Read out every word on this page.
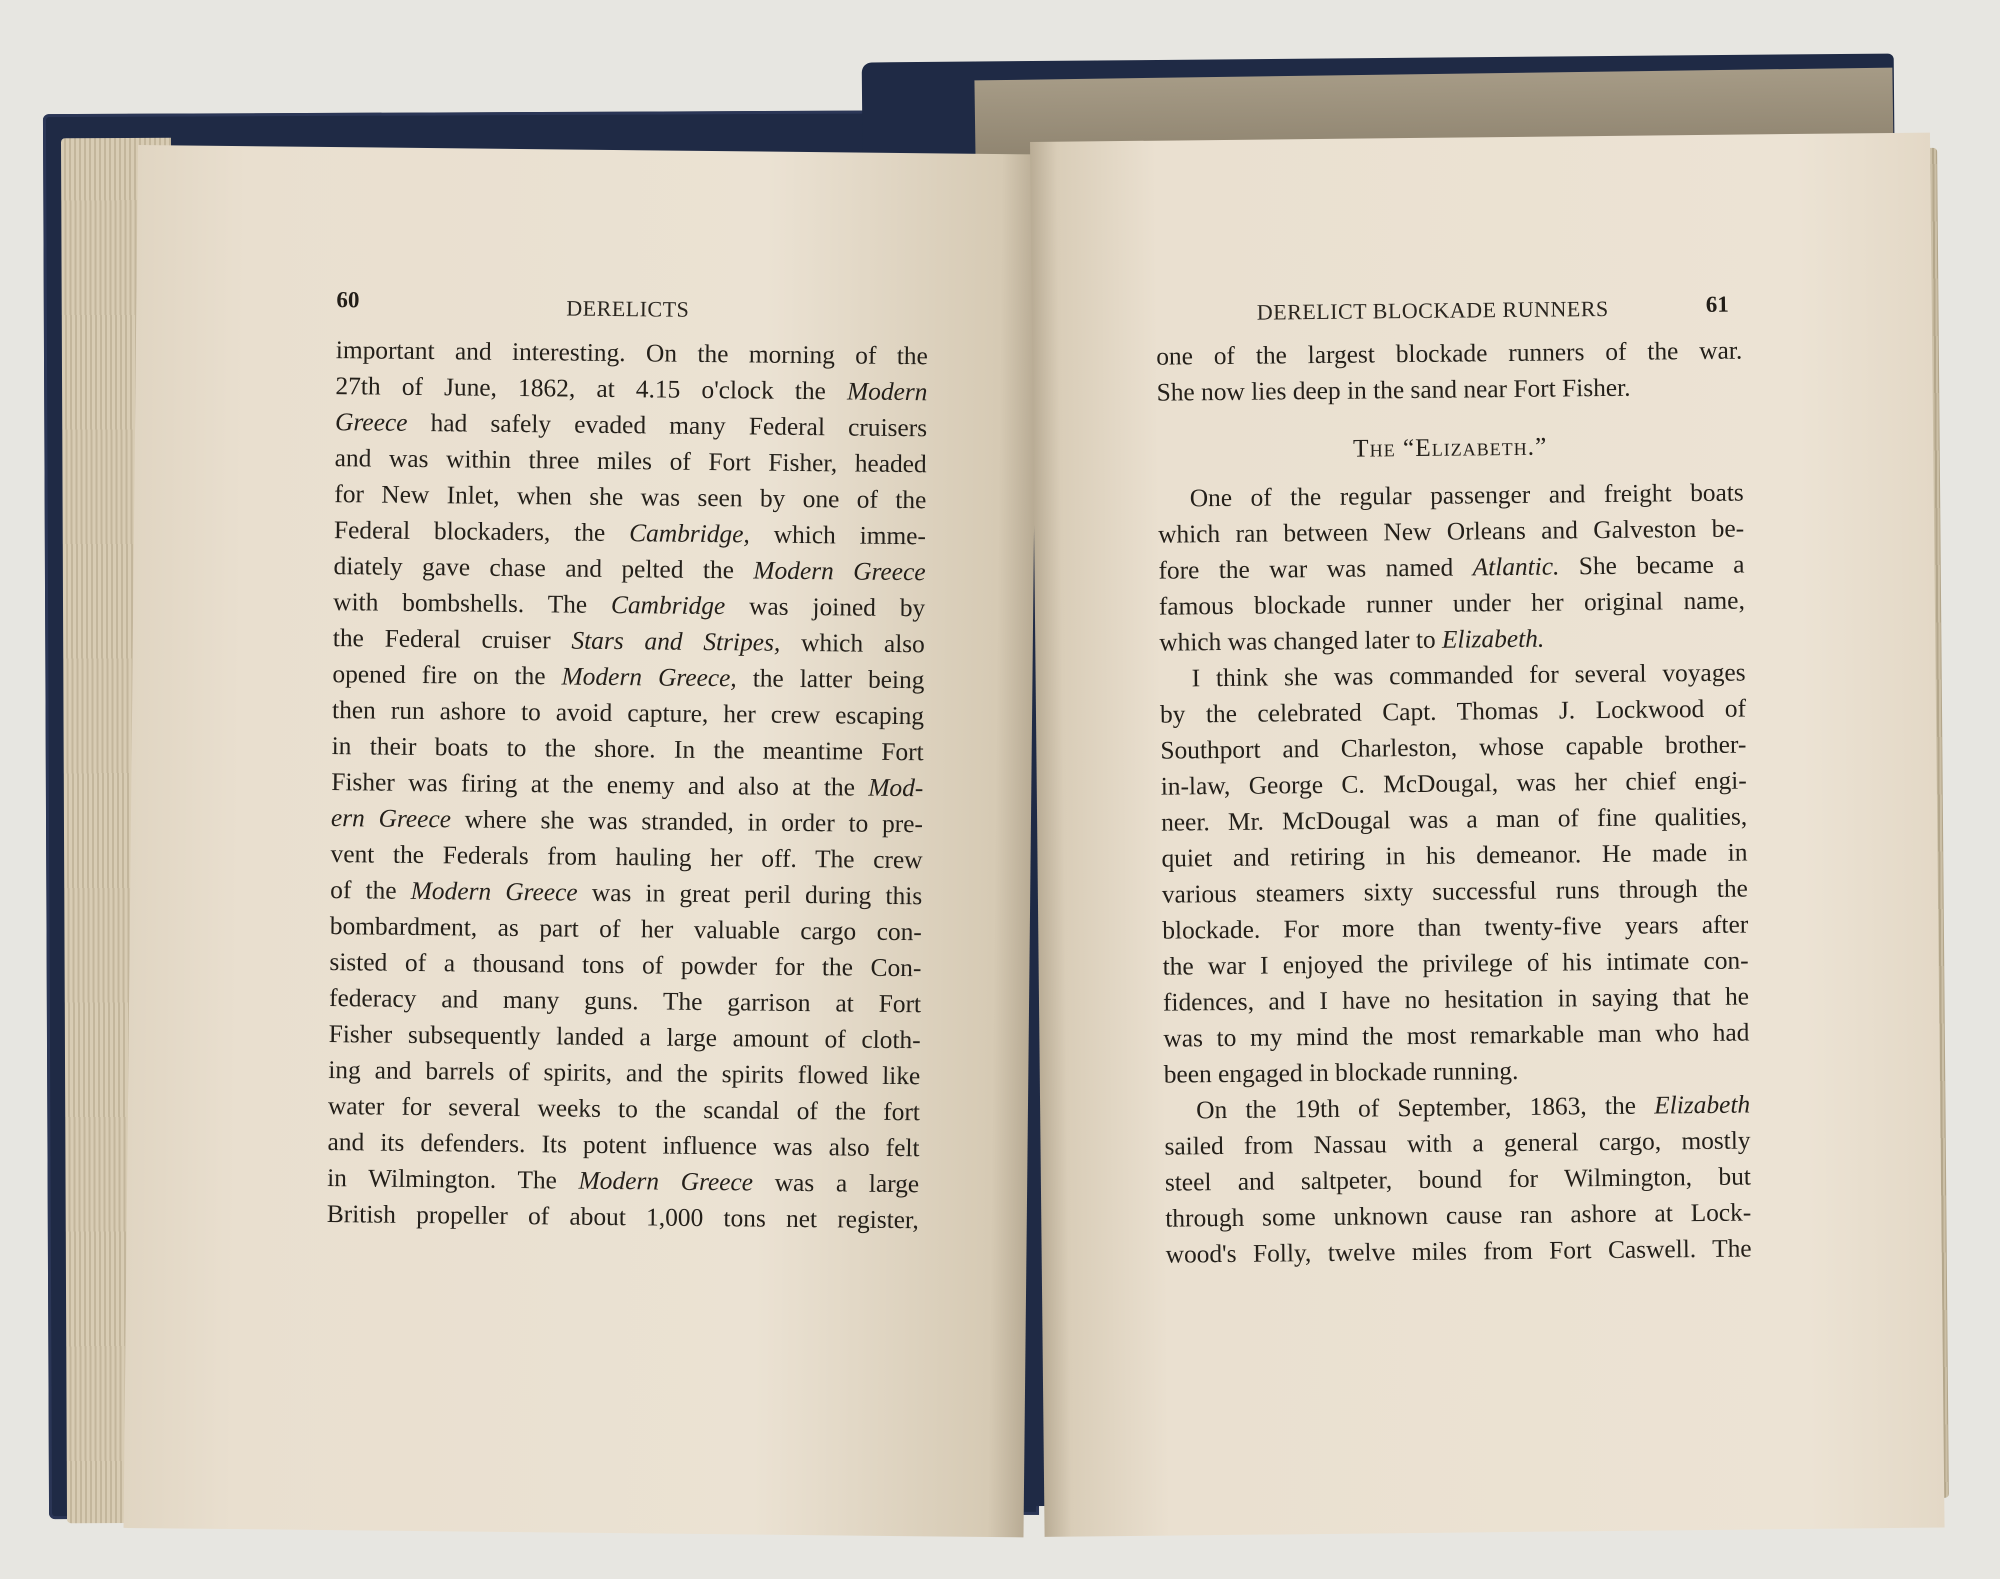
60	DERELICTS
important and interesting. On the morning of the
27th of June, 1862, at 4.15 o'clock the Modern
Greece had safely evaded many Federal cruisers
and was within three miles of Fort Fisher, headed
for New Inlet, when she was seen by one of the
Federal blockaders, the Cambridge, which imme-
diately gave chase and pelted the Modern Greece
with bombshells. The Cambridge was joined by
the Federal cruiser Stars and Stripes, which also
opened fire on the Modern Greece, the latter being
then run ashore to avoid capture, her crew escaping
in their boats to the shore. In the meantime Fort
Fisher was firing at the enemy and also at the Mod-
ern Greece where she was stranded, in order to pre-
vent the Federals from hauling her off. The crew
of the Modern Greece was in great peril during this
bombardment, as part of her valuable cargo con-
sisted of a thousand tons of powder for the Con-
federacy and many guns. The garrison at Fort
Fisher subsequently landed a large amount of cloth-
ing and barrels of spirits, and the spirits flowed like
water for several weeks to the scandal of the fort
and its defenders. Its potent influence was also felt
in Wilmington. The Modern Greece was a large
British propeller of about 1,000 tons net register,
DERELICT BLOCKADE RUNNERS	61
one of the largest blockade runners of the war.
She now lies deep in the sand near Fort Fisher.
The “Elizabeth.”
One of the regular passenger and freight boats
which ran between New Orleans and Galveston be-
fore the war was named Atlantic. She became a
famous blockade runner under her original name,
which was changed later to Elizabeth.
I think she was commanded for several voyages
by the celebrated Capt. Thomas J. Lockwood of
Southport and Charleston, whose capable brother-
in-law, George C. McDougal, was her chief engi-
neer. Mr. McDougal was a man of fine qualities,
quiet and retiring in his demeanor. He made in
various steamers sixty successful runs through the
blockade. For more than twenty-five years after
the war I enjoyed the privilege of his intimate con-
fidences, and I have no hesitation in saying that he
was to my mind the most remarkable man who had
been engaged in blockade running.
On the 19th of September, 1863, the Elizabeth
sailed from Nassau with a general cargo, mostly
steel and saltpeter, bound for Wilmington, but
through some unknown cause ran ashore at Lock-
wood's Folly, twelve miles from Fort Caswell. The
